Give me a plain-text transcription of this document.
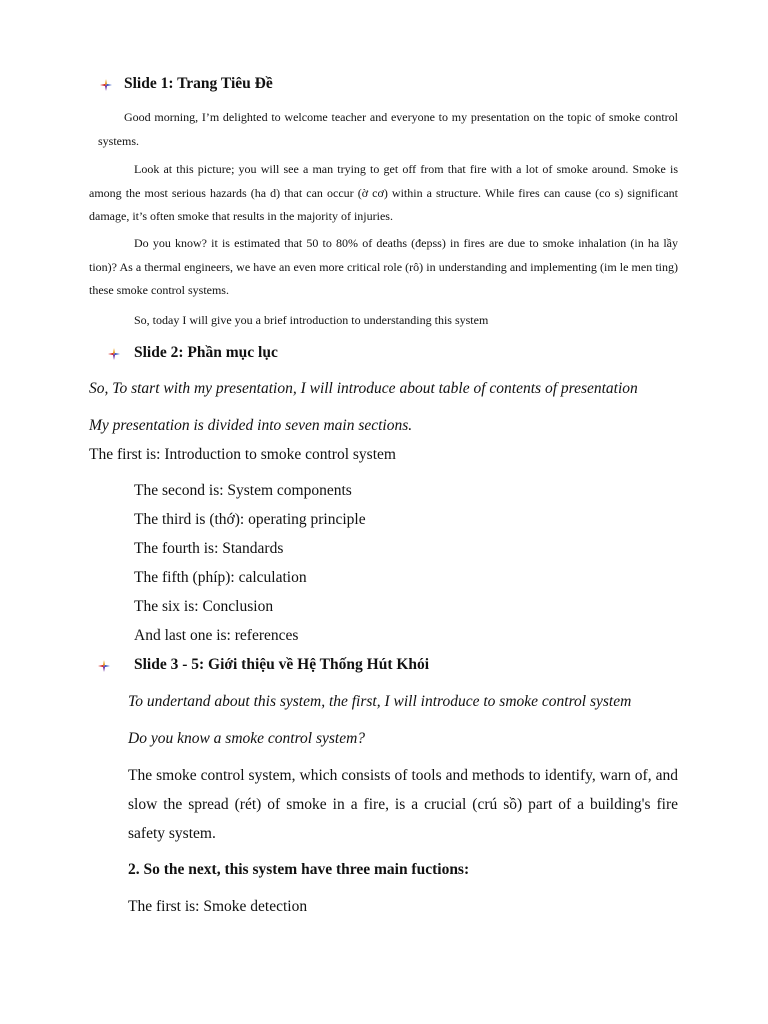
Slide 1: Trang Tiêu Đề
Good morning, I’m delighted to welcome teacher and everyone to my presentation on the topic of smoke control systems.
Look at this picture; you will see a man trying to get off from that fire with a lot of smoke around. Smoke is among the most serious hazards (ha d) that can occur (ờ cơ) within a structure. While fires can cause (co s) significant damage, it’s often smoke that results in the majority of injuries.
Do you know? it is estimated that 50 to 80% of deaths (đepss) in fires are due to smoke inhalation (in ha lầy tion)? As a thermal engineers, we have an even more critical role (rô) in understanding and implementing (im le men ting) these smoke control systems.
So, today I will give you a brief introduction to understanding this system
Slide 2: Phần mục lục
So, To start with my presentation, I will introduce about table of contents of presentation
My presentation is divided into seven main sections.
The first is: Introduction to smoke control system
The second is: System components
The third is (thớ): operating principle
The fourth is: Standards
The fifth (phíp): calculation
The six is: Conclusion
And last one is: references
Slide 3 - 5: Giới thiệu về Hệ Thống Hút Khói
To undertand about this system, the first, I will introduce to smoke control system
Do you know a smoke control system?
The smoke control system, which consists of tools and methods to identify, warn of, and slow the spread (rét) of smoke in a fire, is a crucial (crú sồ) part of a building's fire safety system.
2. So the next, this system have three main fuctions:
The first is: Smoke detection
